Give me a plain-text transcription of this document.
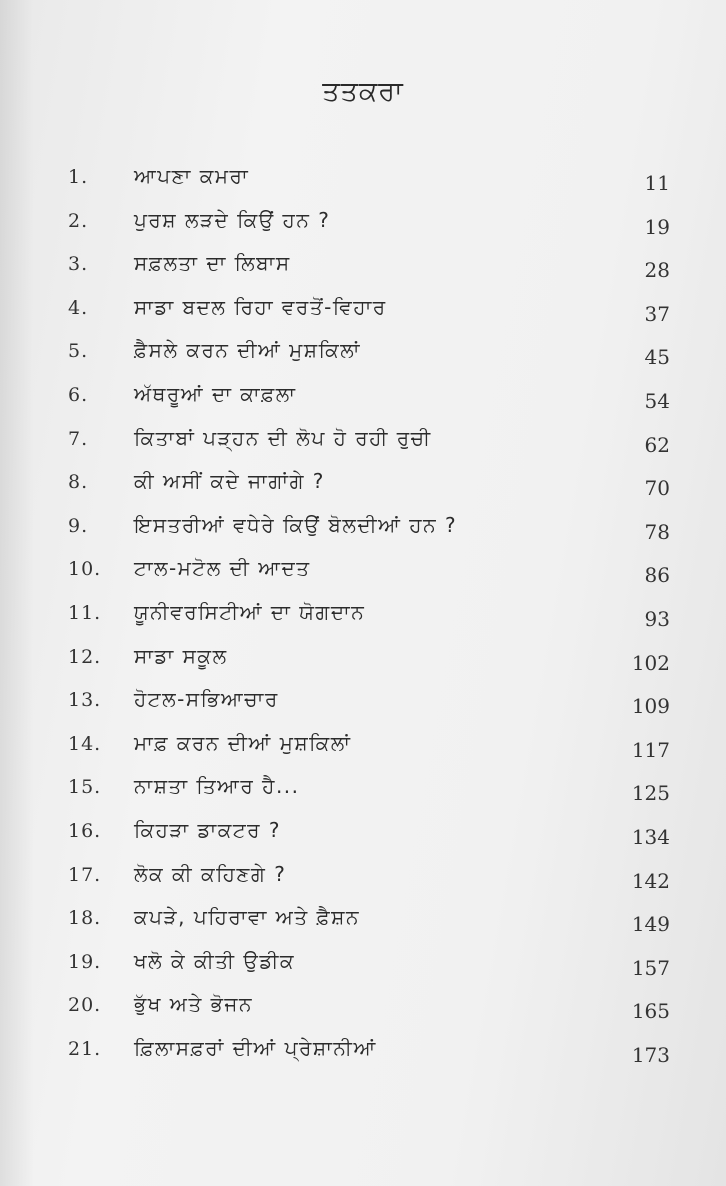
ਤਤਕਰਾ
1. ਆਪਣਾ ਕਮਰਾ	11
2. ਪੁਰਸ਼ ਲੜਦੇ ਕਿਉਂ ਹਨ ?	19
3. ਸਫ਼ਲਤਾ ਦਾ ਲਿਬਾਸ	28
4. ਸਾਡਾ ਬਦਲ ਰਿਹਾ ਵਰਤੋਂ-ਵਿਹਾਰ	37
5. ਫ਼ੈਸਲੇ ਕਰਨ ਦੀਆਂ ਮੁਸ਼ਕਿਲਾਂ	45
6. ਅੱਥਰੂਆਂ ਦਾ ਕਾਫ਼ਲਾ	54
7. ਕਿਤਾਬਾਂ ਪੜ੍ਹਨ ਦੀ ਲੋਪ ਹੋ ਰਹੀ ਰੁਚੀ	62
8. ਕੀ ਅਸੀਂ ਕਦੇ ਜਾਗਾਂਗੇ ?	70
9. ਇਸਤਰੀਆਂ ਵਧੇਰੇ ਕਿਉਂ ਬੋਲਦੀਆਂ ਹਨ ?	78
10. ਟਾਲ-ਮਟੋਲ ਦੀ ਆਦਤ	86
11. ਯੂਨੀਵਰਸਿਟੀਆਂ ਦਾ ਯੋਗਦਾਨ	93
12. ਸਾਡਾ ਸਕੂਲ	102
13. ਹੋਟਲ-ਸਭਿਆਚਾਰ	109
14. ਮਾਫ਼ ਕਰਨ ਦੀਆਂ ਮੁਸ਼ਕਿਲਾਂ	117
15. ਨਾਸ਼ਤਾ ਤਿਆਰ ਹੈ...	125
16. ਕਿਹੜਾ ਡਾਕਟਰ ?	134
17. ਲੋਕ ਕੀ ਕਹਿਣਗੇ ?	142
18. ਕਪੜੇ, ਪਹਿਰਾਵਾ ਅਤੇ ਫ਼ੈਸ਼ਨ	149
19. ਖਲੋ ਕੇ ਕੀਤੀ ਉਡੀਕ	157
20. ਭੁੱਖ ਅਤੇ ਭੋਜਨ	165
21. ਫ਼ਿਲਾਸਫ਼ਰਾਂ ਦੀਆਂ ਪ੍ਰੇਸ਼ਾਨੀਆਂ	173
